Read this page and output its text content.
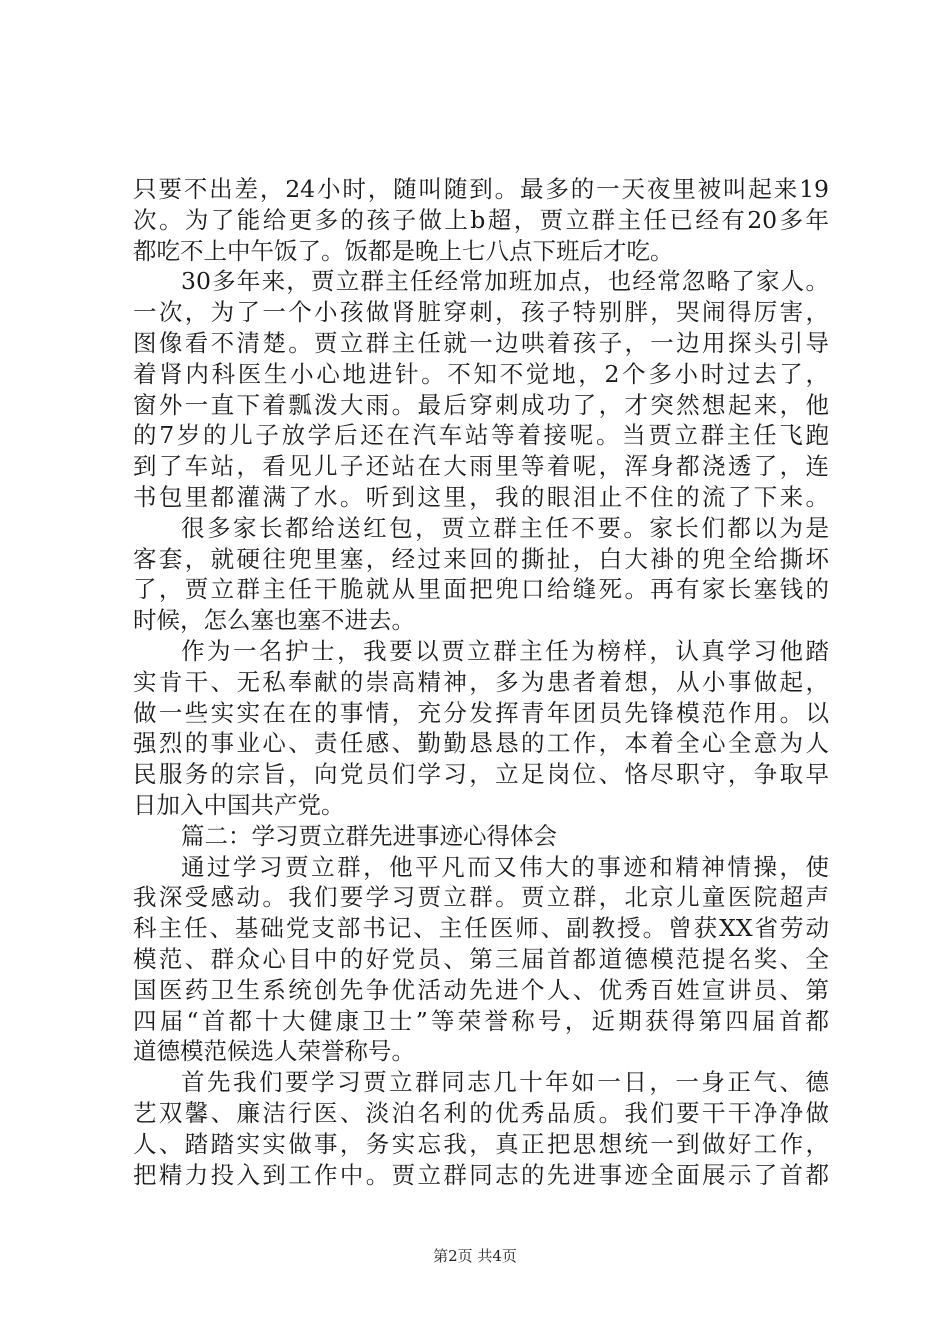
只要不出差，24小时，随叫随到。最多的一天夜里被叫起来19
次。为了能给更多的孩子做上b超，贾立群主任已经有20多年
都吃不上中午饭了。饭都是晚上七八点下班后才吃。
30多年来，贾立群主任经常加班加点，也经常忽略了家人。
一次，为了一个小孩做肾脏穿刺，孩子特别胖，哭闹得厉害，
图像看不清楚。贾立群主任就一边哄着孩子，一边用探头引导
着肾内科医生小心地进针。不知不觉地，2个多小时过去了，
窗外一直下着瓢泼大雨。最后穿刺成功了，才突然想起来，他
的7岁的儿子放学后还在汽车站等着接呢。当贾立群主任飞跑
到了车站，看见儿子还站在大雨里等着呢，浑身都浇透了，连
书包里都灌满了水。听到这里，我的眼泪止不住的流了下来。
很多家长都给送红包，贾立群主任不要。家长们都以为是
客套，就硬往兜里塞，经过来回的撕扯，白大褂的兜全给撕坏
了，贾立群主任干脆就从里面把兜口给缝死。再有家长塞钱的
时候，怎么塞也塞不进去。
作为一名护士，我要以贾立群主任为榜样，认真学习他踏
实肯干、无私奉献的崇高精神，多为患者着想，从小事做起，
做一些实实在在的事情，充分发挥青年团员先锋模范作用。以
强烈的事业心、责任感、勤勤恳恳的工作，本着全心全意为人
民服务的宗旨，向党员们学习，立足岗位、恪尽职守，争取早
日加入中国共产党。
篇二：学习贾立群先进事迹心得体会
通过学习贾立群，他平凡而又伟大的事迹和精神情操，使
我深受感动。我们要学习贾立群。贾立群，北京儿童医院超声
科主任、基础党支部书记、主任医师、副教授。曾获XX省劳动
模范、群众心目中的好党员、第三届首都道德模范提名奖、全
国医药卫生系统创先争优活动先进个人、优秀百姓宣讲员、第
四届“首都十大健康卫士”等荣誉称号，近期获得第四届首都
道德模范候选人荣誉称号。
首先我们要学习贾立群同志几十年如一日，一身正气、德
艺双馨、廉洁行医、淡泊名利的优秀品质。我们要干干净净做
人、踏踏实实做事，务实忘我，真正把思想统一到做好工作，
把精力投入到工作中。贾立群同志的先进事迹全面展示了首都
第2页 共4页
